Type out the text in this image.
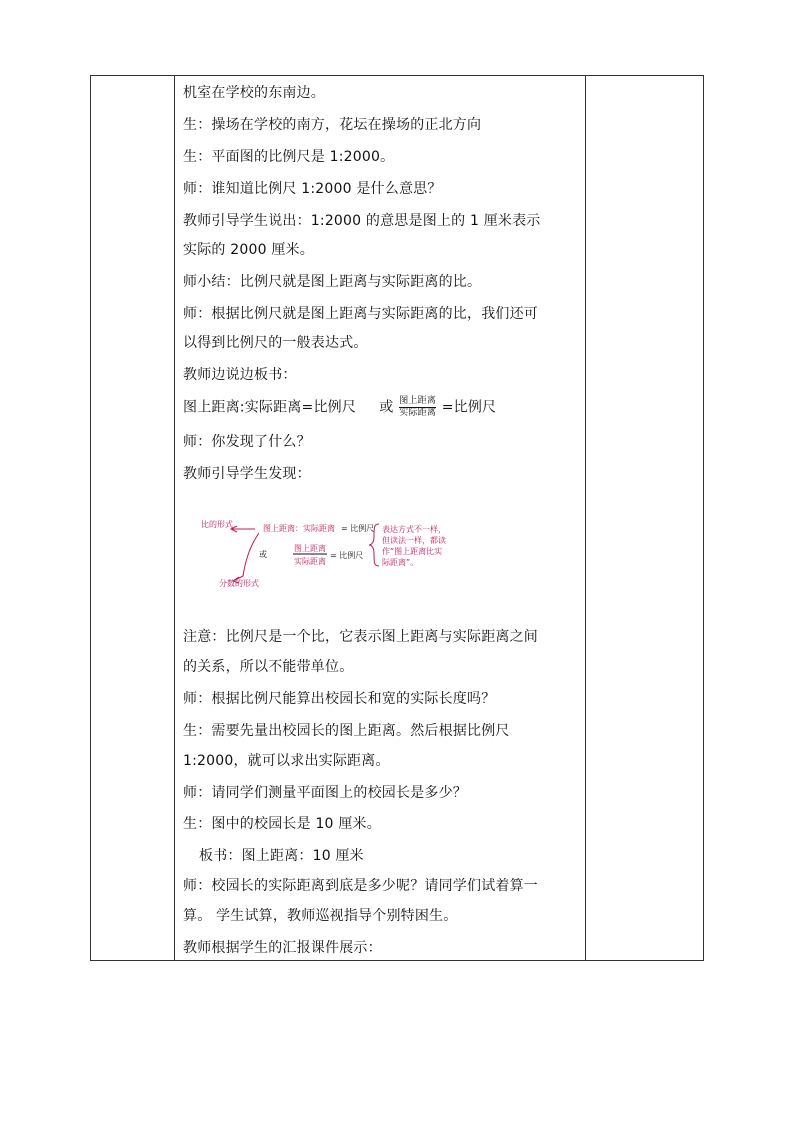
机室在学校的东南边。
生：操场在学校的南方，花坛在操场的正北方向
生：平面图的比例尺是 1:2000。
师：谁知道比例尺 1:2000 是什么意思？
教师引导学生说出：1:2000 的意思是图上的 1 厘米表示
实际的 2000 厘米。
师小结：比例尺就是图上距离与实际距离的比。
师：根据比例尺就是图上距离与实际距离的比，我们还可
以得到比例尺的一般表达式。
教师边说边板书：
图上距离:实际距离=比例尺 或 $\frac{\text{图上距离}}{\text{实际距离}}$ =比例尺
师：你发现了什么？
教师引导学生发现：
比的形式	图上距离：实际距离 = 比例尺
或
图上距离
实际距离
= 比例尺
分数的形式
表达方式不一样，
但读法一样，都读
作“图上距离比实
际距离”。
注意：比例尺是一个比，它表示图上距离与实际距离之间
的关系，所以不能带单位。
师：根据比例尺能算出校园长和宽的实际长度吗？
生：需要先量出校园长的图上距离。然后根据比例尺
1:2000，就可以求出实际距离。
师：请同学们测量平面图上的校园长是多少？
生：图中的校园长是 10 厘米。
板书：图上距离：10 厘米
师：校园长的实际距离到底是多少呢？请同学们试着算一
算。 学生试算，教师巡视指导个别特困生。
教师根据学生的汇报课件展示：
